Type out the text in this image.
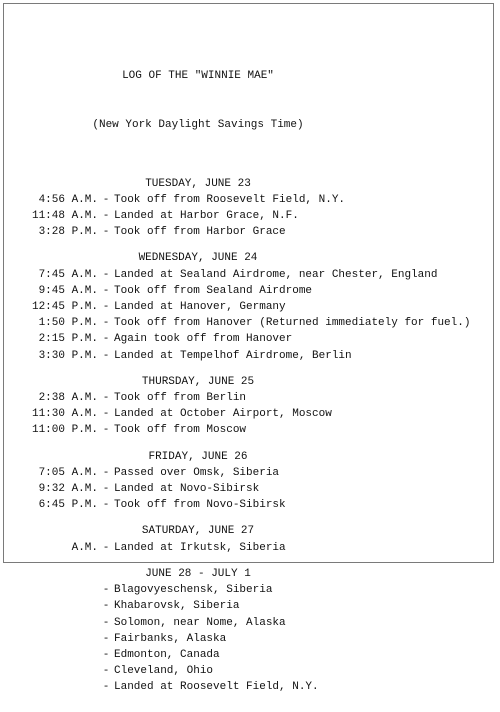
LOG OF THE "WINNIE MAE"

(New York Daylight Savings Time)

TUESDAY, JUNE 23
4:56 A.M. - Took off from Roosevelt Field, N.Y.
11:48 A.M. - Landed at Harbor Grace, N.F.
3:28 P.M. - Took off from Harbor Grace
WEDNESDAY, JUNE 24
7:45 A.M. - Landed at Sealand Airdrome, near Chester, England
9:45 A.M. - Took off from Sealand Airdrome
12:45 P.M. - Landed at Hanover, Germany
1:50 P.M. - Took off from Hanover (Returned immediately for fuel.)
2:15 P.M. - Again took off from Hanover
3:30 P.M. - Landed at Tempelhof Airdrome, Berlin
THURSDAY, JUNE 25
2:38 A.M. - Took off from Berlin
11:30 A.M. - Landed at October Airport, Moscow
11:00 P.M. - Took off from Moscow
FRIDAY, JUNE 26
7:05 A.M. - Passed over Omsk, Siberia
9:32 A.M. - Landed at Novo-Sibirsk
6:45 P.M. - Took off from Novo-Sibirsk
SATURDAY, JUNE 27
A.M. - Landed at Irkutsk, Siberia
JUNE 28 - JULY 1
- Blagovyeschensk, Siberia
- Khabarovsk, Siberia
- Solomon, near Nome, Alaska
- Fairbanks, Alaska
- Edmonton, Canada
- Cleveland, Ohio
- Landed at Roosevelt Field, N.Y.
